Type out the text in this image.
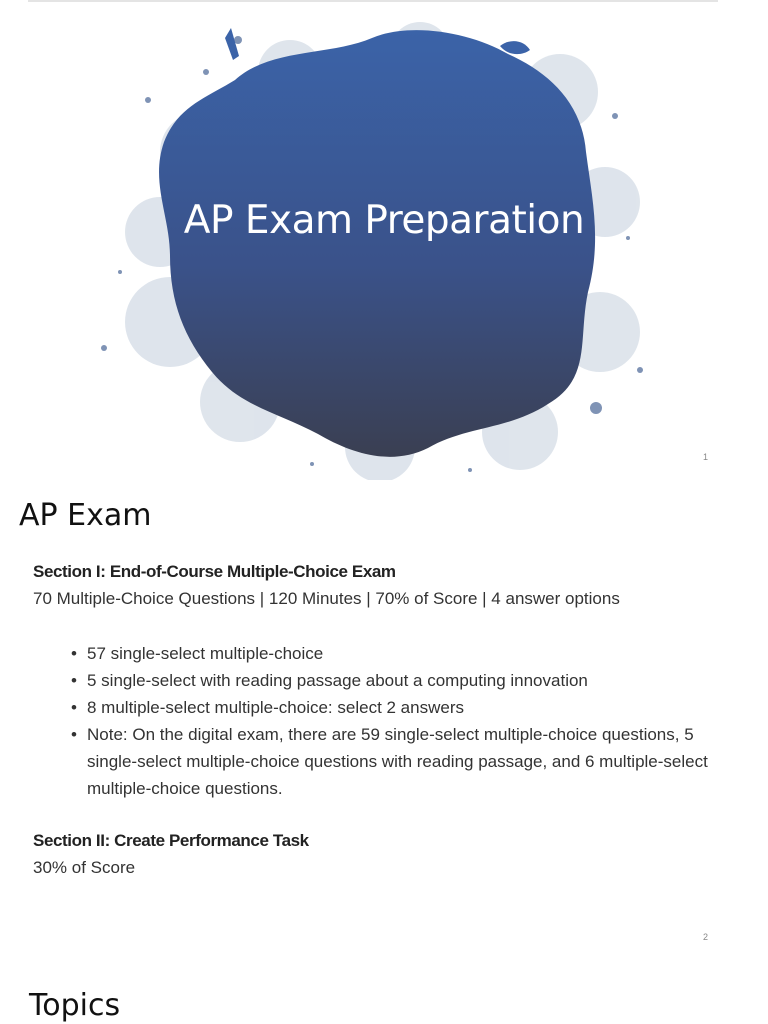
AP Exam Preparation
1
AP Exam
Section I: End-of-Course Multiple-Choice Exam
70 Multiple-Choice Questions | 120 Minutes | 70% of Score | 4 answer options
• 57 single-select multiple-choice
• 5 single-select with reading passage about a computing innovation
• 8 multiple-select multiple-choice: select 2 answers
• Note: On the digital exam, there are 59 single-select multiple-choice questions, 5 single-select multiple-choice questions with reading passage, and 6 multiple-select multiple-choice questions.
Section II: Create Performance Task
30% of Score
2
Topics
